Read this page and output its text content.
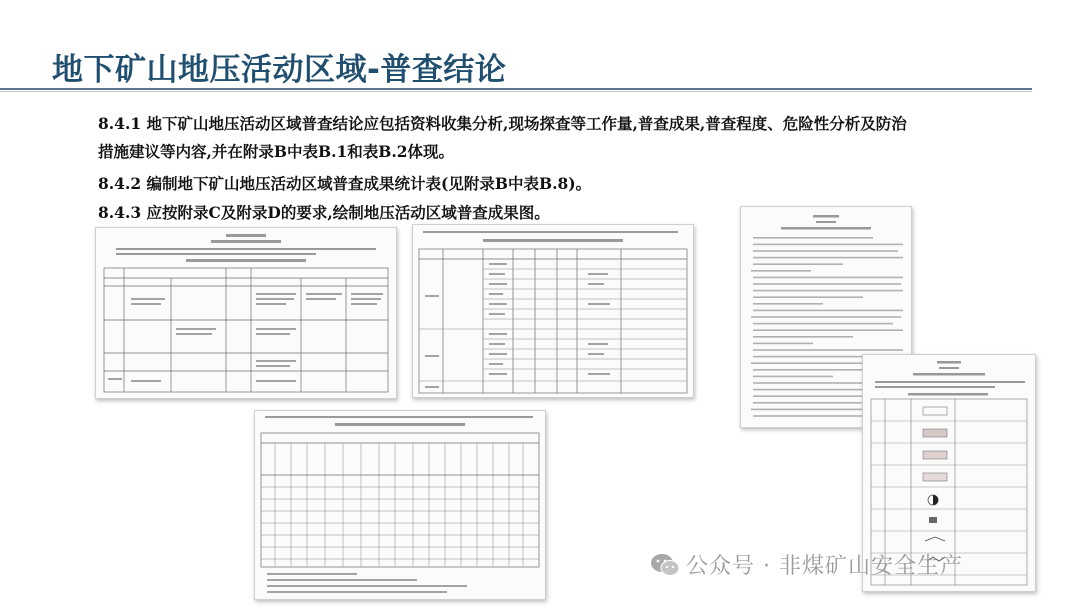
地下矿山地压活动区域-普查结论
8.4.1 地下矿山地压活动区域普查结论应包括资料收集分析,现场探查等工作量,普查成果,普查程度、危险性分析及防治措施建议等内容,并在附录B中表B.1和表B.2体现。
8.4.2 编制地下矿山地压活动区域普查成果统计表(见附录B中表B.8)。
8.4.3 应按附录C及附录D的要求,绘制地压活动区域普查成果图。
公众号 · 非煤矿山安全生产
